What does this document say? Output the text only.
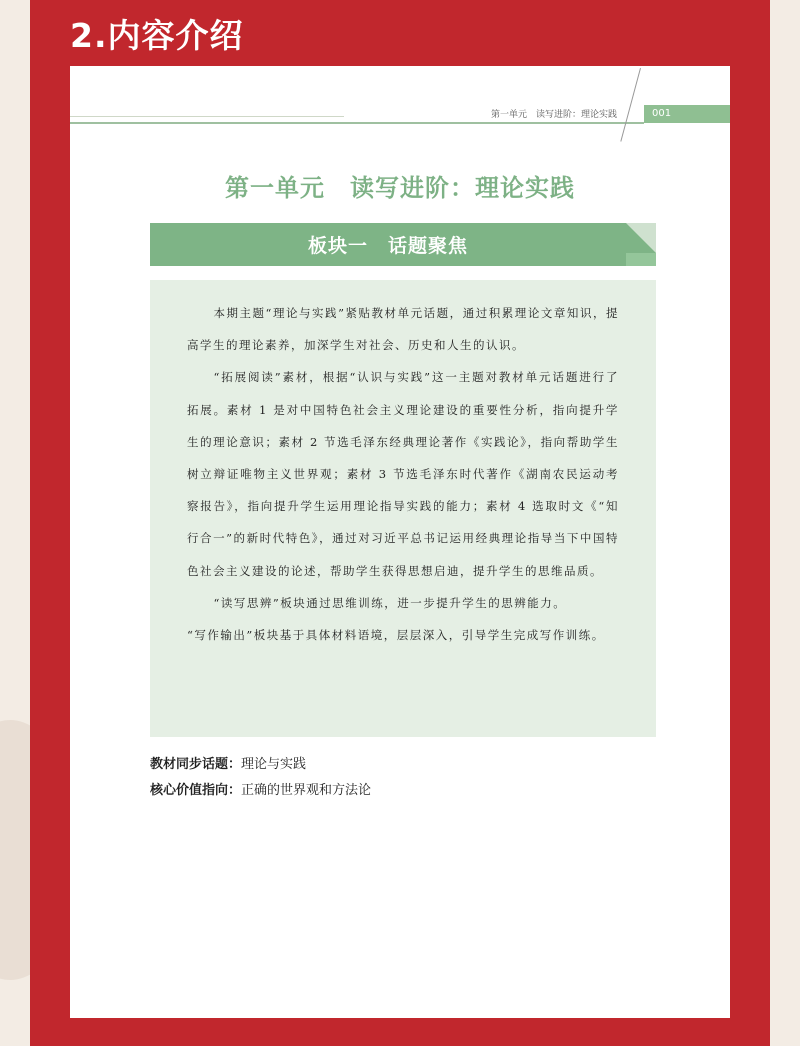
2.内容介绍
第一单元　读写进阶：理论实践	001
第一单元　读写进阶：理论实践
板块一　话题聚焦

本期主题“理论与实践”紧贴教材单元话题，通过积累理论文章知识，提高学生的理论素养，加深学生对社会、历史和人生的认识。

“拓展阅读”素材，根据“认识与实践”这一主题对教材单元话题进行了拓展。素材 1 是对中国特色社会主义理论建设的重要性分析，指向提升学生的理论意识；素材 2 节选毛泽东经典理论著作《实践论》，指向帮助学生树立辩证唯物主义世界观；素材 3 节选毛泽东时代著作《湖南农民运动考察报告》，指向提升学生运用理论指导实践的能力；素材 4 选取时文《“知行合一”的新时代特色》，通过对习近平总书记运用经典理论指导当下中国特色社会主义建设的论述，帮助学生获得思想启迪，提升学生的思维品质。

“读写思辨”板块通过思维训练，进一步提升学生的思辨能力。

“写作输出”板块基于具体材料语境，层层深入，引导学生完成写作训练。

教材同步话题：理论与实践
核心价值指向：正确的世界观和方法论
